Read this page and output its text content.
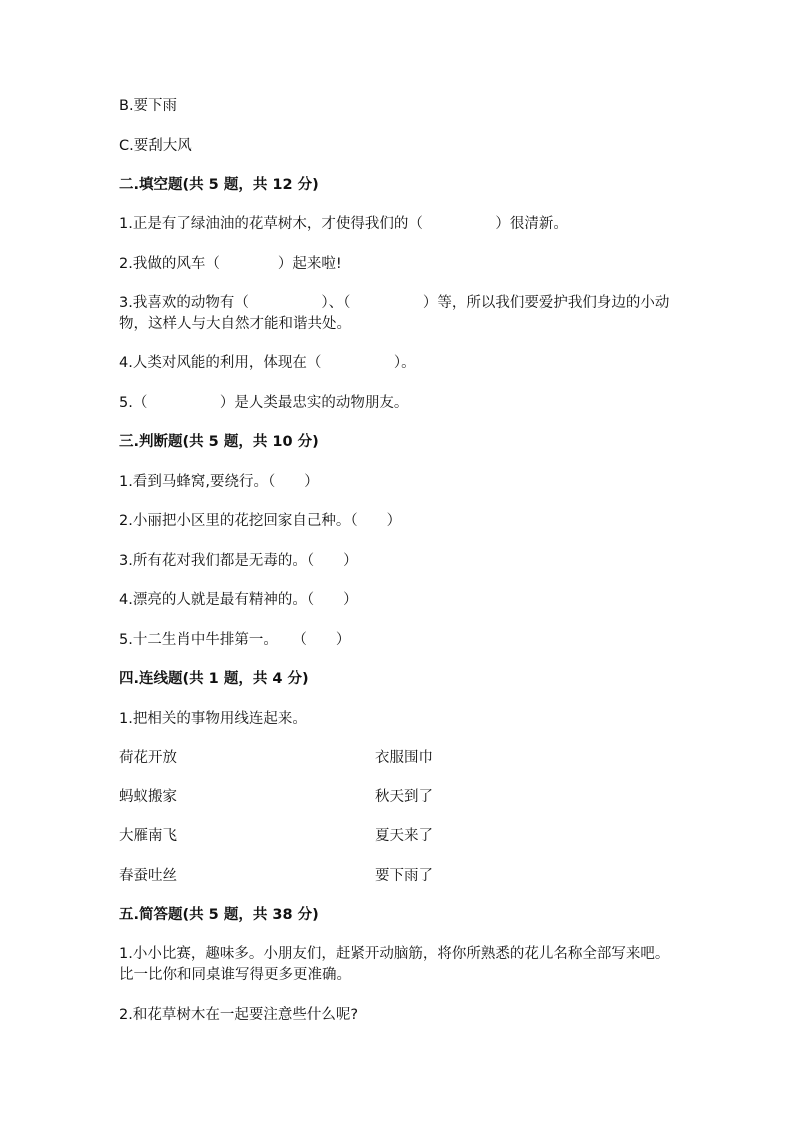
B.要下雨
C.要刮大风
二.填空题(共 5 题，共 12 分)
1.正是有了绿油油的花草树木，才使得我们的（　　　　　）很清新。
2.我做的风车（　　　　）起来啦!
3.我喜欢的动物有（　　　　　）、（　　　　　）等，所以我们要爱护我们身边的小动物，这样人与大自然才能和谐共处。
4.人类对风能的利用，体现在（　　　　　）。
5.（　　　　　）是人类最忠实的动物朋友。
三.判断题(共 5 题，共 10 分)
1.看到马蜂窝,要绕行。（　　）
2.小丽把小区里的花挖回家自己种。（　　）
3.所有花对我们都是无毒的。（　　）
4.漂亮的人就是最有精神的。（　　）
5.十二生肖中牛排第一。　　（　　）
四.连线题(共 1 题，共 4 分)
1.把相关的事物用线连起来。
荷花开放	衣服围巾
蚂蚁搬家	秋天到了
大雁南飞	夏天来了
春蚕吐丝	要下雨了
五.简答题(共 5 题，共 38 分)
1.小小比赛，趣味多。小朋友们，赶紧开动脑筋，将你所熟悉的花儿名称全部写来吧。比一比你和同桌谁写得更多更准确。
2.和花草树木在一起要注意些什么呢?
